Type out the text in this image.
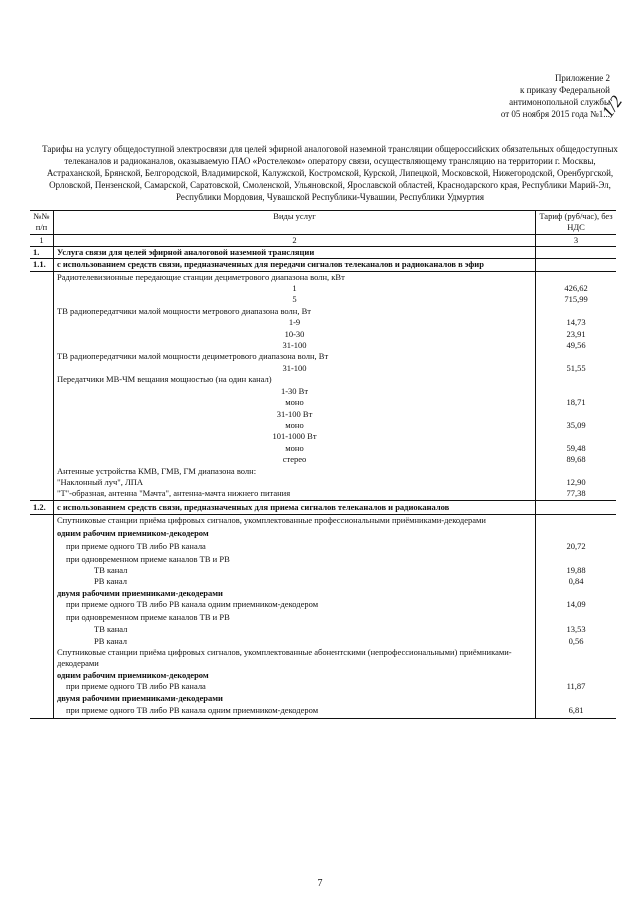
Приложение 2
к приказу Федеральной
антимонопольной службы
от 05 ноября 2015 года №1...
1/2
Тарифы на услугу общедоступной электросвязи для целей эфирной аналоговой наземной трансляции общероссийских обязательных общедоступных телеканалов и радиоканалов, оказываемую ПАО «Ростелеком» оператору связи, осуществляющему трансляцию на территории г. Москвы, Астраханской, Брянской, Белгородской, Владимирской, Калужской, Костромской, Курской, Липецкой, Московской, Нижегородской, Оренбургской, Орловской, Пензенской, Самарской, Саратовской, Смоленской, Ульяновской, Ярославской областей, Краснодарского края, Республики Марий-Эл, Республики Мордовия, Чувашской Республики-Чувашии, Республики Удмуртия
№№ п/п	Виды услуг	Тариф (руб/час), без НДС
1	2	3
1.	Услуга связи для целей эфирной аналоговой наземной трансляции	
1.1.	с использованием средств связи, предназначенных для передачи сигналов телеканалов и радиоканалов в эфир	
	Радиотелевизионные передающие станции дециметрового диапазона волн, кВт	
	1	426,62
	5	715,99
	ТВ радиопередатчики малой мощности метрового диапазона волн, Вт	
	1-9	14,73
	10-30	23,91
	31-100	49,56
	ТВ радиопередатчики малой мощности дециметрового диапазона волн, Вт	
	31-100	51,55
	Передатчики МВ-ЧМ вещания мощностью (на один канал)	
	1-30 Вт	
	моно	18,71
	31-100 Вт	
	моно	35,09
	101-1000 Вт	
	моно	59,48
	стерео	89,68
	Антенные устройства КМВ, ГМВ, ГМ диапазона волн:	
	"Наклонный луч", ЛПА	12,90
	"Т"-образная, антенна "Мачта", антенна-мачта нижнего питания	77,38
1.2.	с использованием средств связи, предназначенных для приема сигналов телеканалов и радиоканалов	
	Спутниковые станции приёма цифровых сигналов, укомплектованные профессиональными приёмниками-декодерами	
	одним рабочим приемником-декодером	
	при приеме одного ТВ либо РВ канала	20,72
	при одновременном приеме каналов ТВ и РВ	
	ТВ канал	19,88
	РВ канал	0,84
	двумя рабочими приемниками-декодерами	
	при приеме одного ТВ либо РВ канала одним приемником-декодером	14,09
	при одновременном приеме каналов ТВ и РВ	
	ТВ канал	13,53
	РВ канал	0,56
	Спутниковые станции приёма цифровых сигналов, укомплектованные абонентскими (непрофессиональными) приёмниками-декодерами	
	одним рабочим приемником-декодером	
	при приеме одного ТВ либо РВ канала	11,87
	двумя рабочими приемниками-декодерами	
	при приеме одного ТВ либо РВ канала одним приемником-декодером	6,81
7
